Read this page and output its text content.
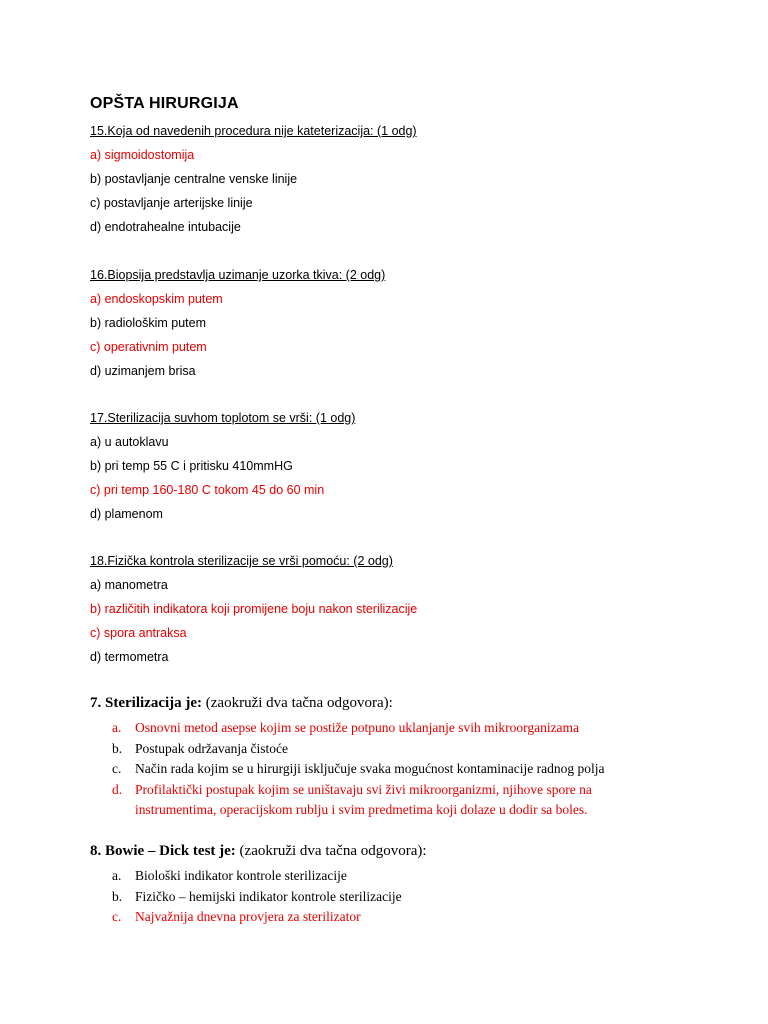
OPŠTA HIRURGIJA
15.Koja od navedenih procedura nije kateterizacija: (1 odg)
a) sigmoidostomija
b) postavljanje centralne venske linije
c) postavljanje arterijske linije
d) endotrahealne intubacije
16.Biopsija predstavlja uzimanje uzorka tkiva: (2 odg)
a) endoskopskim putem
b) radiološkim putem
c) operativnim putem
d) uzimanjem brisa
17.Sterilizacija suvhom toplotom se vrši: (1 odg)
a) u autoklavu
b) pri temp 55 C i pritisku 410mmHG
c) pri temp 160-180 C tokom 45 do 60 min
d) plamenom
18.Fizička kontrola sterilizacije se vrši pomoću: (2 odg)
a) manometra
b) različitih indikatora koji promijene boju nakon sterilizacije
c) spora antraksa
d) termometra
7. Sterilizacija je: (zaokruži dva tačna odgovora):
a.	Osnovni metod asepse kojim se postiže potpuno uklanjanje svih mikroorganizama
b. Postupak održavanja čistoće
c.	Način rada kojim se u hirurgiji isključuje svaka mogućnost kontaminacije radnog polja
d. Profilaktički postupak kojim se uništavaju svi živi mikroorganizmi, njihove spore na instrumentima, operacijskom rublju i svim predmetima koji dolaze u dodir sa boles.
8. Bowie – Dick test je: (zaokruži dva tačna odgovora):
a.	Biološki indikator kontrole sterilizacije
b. Fizičko – hemijski indikator kontrole sterilizacije
c.	Najvažnija dnevna provjera za sterilizator
